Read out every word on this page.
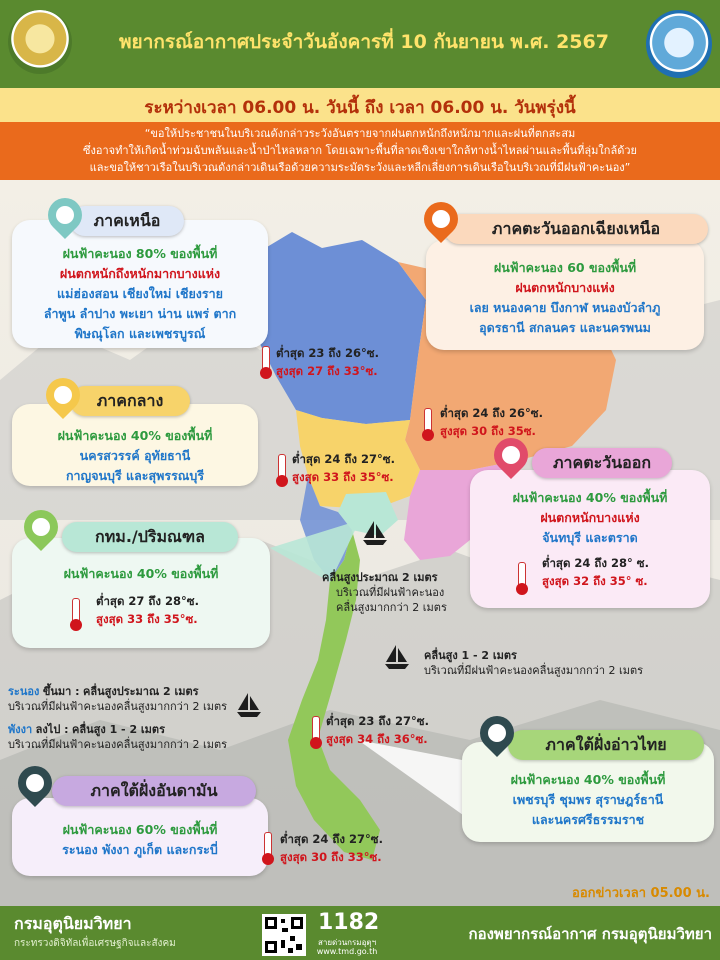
พยากรณ์อากาศประจำวันอังคารที่ 10 กันยายน พ.ศ. 2567
ระหว่างเวลา 06.00 น. วันนี้ ถึง เวลา 06.00 น. วันพรุ่งนี้
“ขอให้ประชาชนในบริเวณดังกล่าวระวังอันตรายจากฝนตกหนักถึงหนักมากและฝนที่ตกสะสม
ซึ่งอาจทำให้เกิดน้ำท่วมฉับพลันและน้ำป่าไหลหลาก โดยเฉพาะพื้นที่ลาดเชิงเขาใกล้ทางน้ำไหลผ่านและพื้นที่ลุ่มใกล้ด้วย
และขอให้ชาวเรือในบริเวณดังกล่าวเดินเรือด้วยความระมัดระวังและหลีกเลี่ยงการเดินเรือในบริเวณที่มีฝนฟ้าคะนอง”
ฝนฟ้าคะนอง 80% ของพื้นที่
ฝนตกหนักถึงหนักมากบางแห่ง
แม่ฮ่องสอน เชียงใหม่ เชียงราย
ลำพูน ลำปาง พะเยา น่าน แพร่ ตาก
พิษณุโลก และเพชรบูรณ์
ภาคเหนือ
ต่ำสุด 23 ถึง 26°ซ.
สูงสุด 27 ถึง 33°ซ.
ฝนฟ้าคะนอง 60 ของพื้นที่
ฝนตกหนักบางแห่ง
เลย หนองคาย บึงกาฬ หนองบัวลำภู
อุดรธานี สกลนคร และนครพนม
ภาคตะวันออกเฉียงเหนือ
ต่ำสุด 24 ถึง 26°ซ.
สูงสุด 30 ถึง 35ซ.
ฝนฟ้าคะนอง 40% ของพื้นที่
นครสวรรค์ อุทัยธานี
กาญจนบุรี และสุพรรณบุรี
ภาคกลาง
ต่ำสุด 24 ถึง 27°ซ.
สูงสุด 33 ถึง 35°ซ.
ฝนฟ้าคะนอง 40% ของพื้นที่
ฝนตกหนักบางแห่ง
จันทบุรี และตราด
ต่ำสุด 24 ถึง 28° ซ.
สูงสุด 32 ถึง 35° ซ.
ภาคตะวันออก
ฝนฟ้าคะนอง 40% ของพื้นที่
ต่ำสุด 27 ถึง 28°ซ.
สูงสุด 33 ถึง 35°ซ.
กทม./ปริมณฑล
คลื่นสูงประมาณ 2 เมตร
บริเวณที่มีฝนฟ้าคะนอง
คลื่นสูงมากกว่า 2 เมตร
คลื่นสูง 1 - 2 เมตร
บริเวณที่มีฝนฟ้าคะนองคลื่นสูงมากกว่า 2 เมตร
ระนอง ขึ้นมา : คลื่นสูงประมาณ 2 เมตร
บริเวณที่มีฝนฟ้าคะนองคลื่นสูงมากกว่า 2 เมตร
พังงา ลงไป : คลื่นสูง 1 - 2 เมตร
บริเวณที่มีฝนฟ้าคะนองคลื่นสูงมากกว่า 2 เมตร
ต่ำสุด 23 ถึง 27°ซ.
สูงสุด 34 ถึง 36°ซ.
ฝนฟ้าคะนอง 40% ของพื้นที่
เพชรบุรี ชุมพร สุราษฎร์ธานี
และนครศรีธรรมราช
ภาคใต้ฝั่งอ่าวไทย
ฝนฟ้าคะนอง 60% ของพื้นที่
ระนอง พังงา ภูเก็ต และกระบี่
ภาคใต้ฝั่งอันดามัน
ต่ำสุด 24 ถึง 27°ซ.
สูงสุด 30 ถึง 33°ซ.
ออกข่าวเวลา 05.00 น.
กรมอุตุนิยมวิทยา
กระทรวงดิจิทัลเพื่อเศรษฐกิจและสังคม
1182
สายด่วนกรมอุตุฯ
www.tmd.go.th
กองพยากรณ์อากาศ กรมอุตุนิยมวิทยา
